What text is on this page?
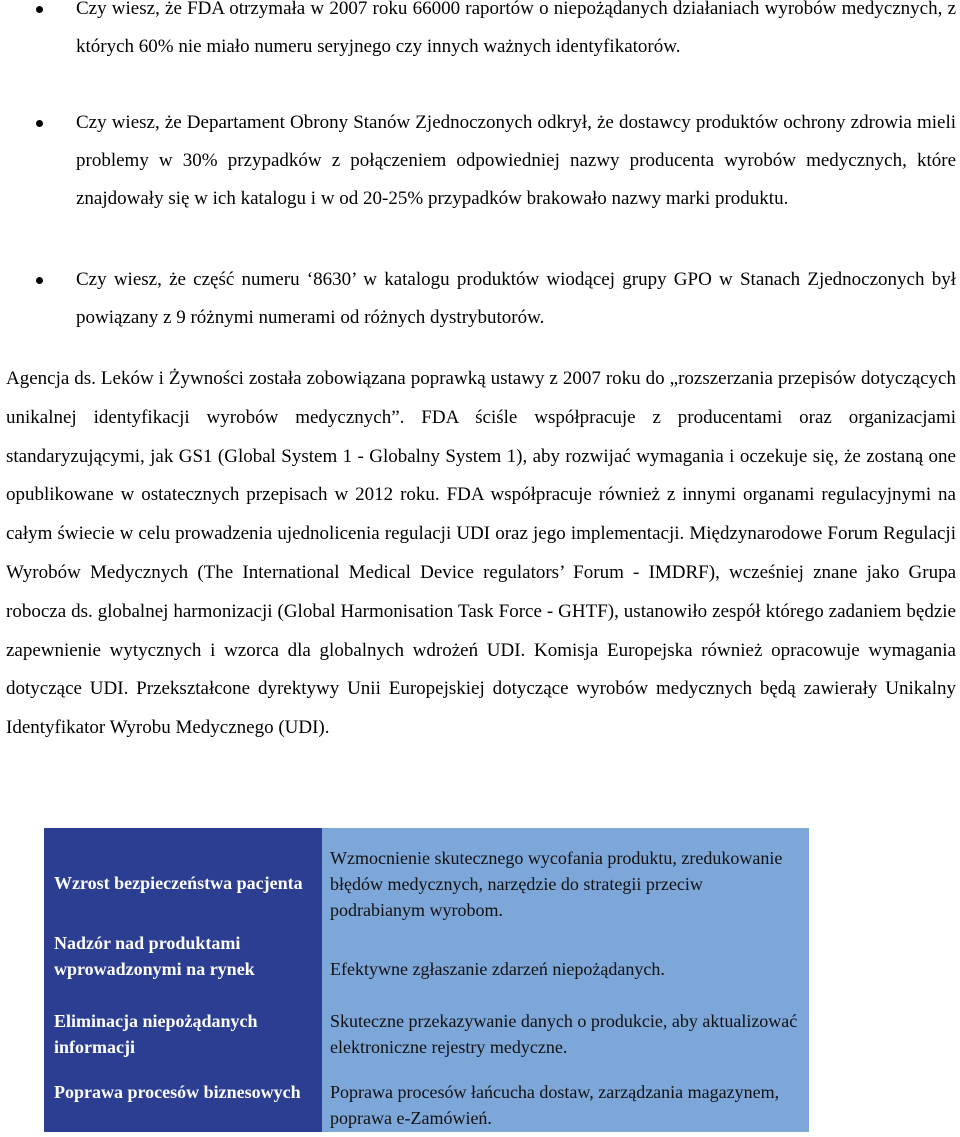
Czy wiesz, że FDA otrzymała w 2007 roku 66000 raportów o niepożądanych działaniach wyrobów medycznych, z których 60% nie miało numeru seryjnego czy innych ważnych identyfikatorów.
Czy wiesz, że Departament Obrony Stanów Zjednoczonych odkrył, że dostawcy produktów ochrony zdrowia mieli problemy w 30% przypadków z połączeniem odpowiedniej nazwy producenta wyrobów medycznych, które znajdowały się w ich katalogu i w od 20-25% przypadków brakowało nazwy marki produktu.
Czy wiesz, że część numeru ‘8630’ w katalogu produktów wiodącej grupy GPO w Stanach Zjednoczonych był powiązany z 9 różnymi numerami od różnych dystrybutorów.

Agencja ds. Leków i Żywności została zobowiązana poprawką ustawy z 2007 roku do „rozszerzania przepisów dotyczących unikalnej identyfikacji wyrobów medycznych”. FDA ściśle współpracuje z producentami oraz organizacjami standaryzującymi, jak GS1 (Global System 1 - Globalny System 1), aby rozwijać wymagania i oczekuje się, że zostaną one opublikowane w ostatecznych przepisach w 2012 roku. FDA współpracuje również z innymi organami regulacyjnymi na całym świecie w celu prowadzenia ujednolicenia regulacji UDI oraz jego implementacji. Międzynarodowe Forum Regulacji Wyrobów Medycznych (The International Medical Device regulators’ Forum - IMDRF), wcześniej znane jako Grupa robocza ds. globalnej harmonizacji (Global Harmonisation Task Force - GHTF), ustanowiło zespół którego zadaniem będzie zapewnienie wytycznych i wzorca dla globalnych wdrożeń UDI. Komisja Europejska również opracowuje wymagania dotyczące UDI. Przekształcone dyrektywy Unii Europejskiej dotyczące wyrobów medycznych będą zawierały Unikalny Identyfikator Wyrobu Medycznego (UDI).

Wzrost bezpieczeństwa pacjenta
Nadzór nad produktami wprowadzonymi na rynek
Eliminacja niepożądanych informacji
Poprawa procesów biznesowych
Wzmocnienie skutecznego wycofania produktu, zredukowanie błędów medycznych, narzędzie do strategii przeciw podrabianym wyrobom.
Efektywne zgłaszanie zdarzeń niepożądanych.
Skuteczne przekazywanie danych o produkcie, aby aktualizować elektroniczne rejestry medyczne.
Poprawa procesów łańcucha dostaw, zarządzania magazynem, poprawa e-Zamówień.
